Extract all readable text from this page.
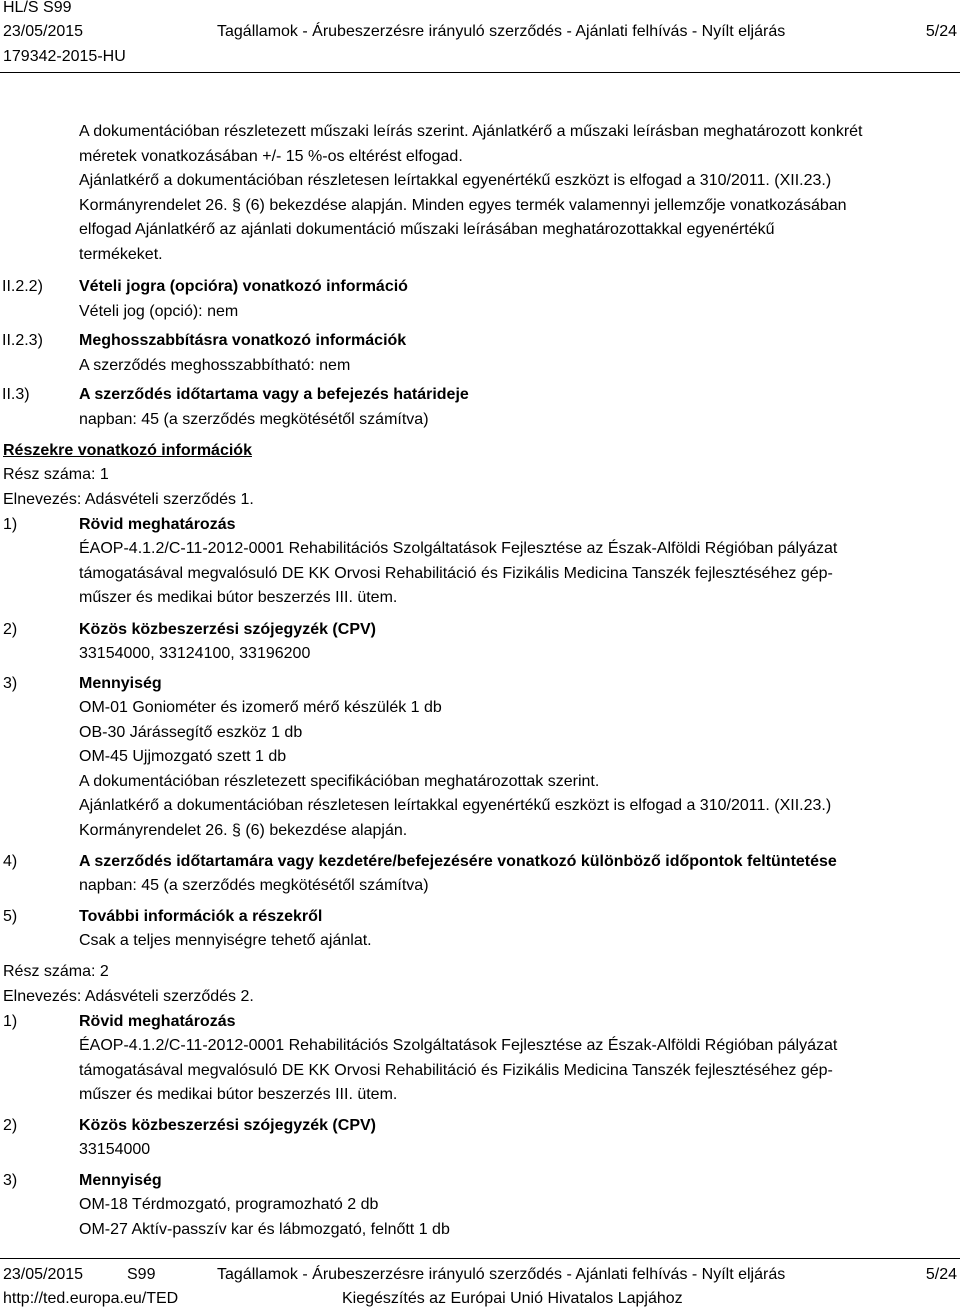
HL/S S99
23/05/2015
179342-2015-HU
Tagállamok - Árubeszerzésre irányuló szerződés - Ajánlati felhívás - Nyílt eljárás	5/24
A dokumentációban részletezett műszaki leírás szerint. Ajánlatkérő a műszaki leírásban meghatározott konkrét
méretek vonatkozásában +/- 15 %-os eltérést elfogad.
Ajánlatkérő a dokumentációban részletesen leírtakkal egyenértékű eszközt is elfogad a 310/2011. (XII.23.)
Kormányrendelet 26. § (6) bekezdése alapján. Minden egyes termék valamennyi jellemzője vonatkozásában
elfogad Ajánlatkérő az ajánlati dokumentáció műszaki leírásában meghatározottakkal egyenértékű
termékeket.
II.2.2) Vételi jogra (opcióra) vonatkozó információ
Vételi jog (opció): nem
II.2.3) Meghosszabbításra vonatkozó információk
A szerződés meghosszabbítható: nem
II.3)	A szerződés időtartama vagy a befejezés határideje
napban: 45 (a szerződés megkötésétől számítva)
Részekre vonatkozó információk
Rész száma: 1
Elnevezés: Adásvételi szerződés 1.
1)	Rövid meghatározás
ÉAOP-4.1.2/C-11-2012-0001 Rehabilitációs Szolgáltatások Fejlesztése az Észak-Alföldi Régióban pályázat
támogatásával megvalósuló DE KK Orvosi Rehabilitáció és Fizikális Medicina Tanszék fejlesztéséhez gép-
műszer és medikai bútor beszerzés III. ütem.
2)	Közös közbeszerzési szójegyzék (CPV)
33154000, 33124100, 33196200
3)	Mennyiség
OM-01 Goniométer és izomerő mérő készülék 1 db
OB-30 Járássegítő eszköz 1 db
OM-45 Ujjmozgató szett 1 db
A dokumentációban részletezett specifikációban meghatározottak szerint.
Ajánlatkérő a dokumentációban részletesen leírtakkal egyenértékű eszközt is elfogad a 310/2011. (XII.23.)
Kormányrendelet 26. § (6) bekezdése alapján.
4)	A szerződés időtartamára vagy kezdetére/befejezésére vonatkozó különböző időpontok feltüntetése
napban: 45 (a szerződés megkötésétől számítva)
5)	További információk a részekről
Csak a teljes mennyiségre tehető ajánlat.
Rész száma: 2
Elnevezés: Adásvételi szerződés 2.
1)	Rövid meghatározás
ÉAOP-4.1.2/C-11-2012-0001 Rehabilitációs Szolgáltatások Fejlesztése az Észak-Alföldi Régióban pályázat
támogatásával megvalósuló DE KK Orvosi Rehabilitáció és Fizikális Medicina Tanszék fejlesztéséhez gép-
műszer és medikai bútor beszerzés III. ütem.
2)	Közös közbeszerzési szójegyzék (CPV)
33154000
3)	Mennyiség
OM-18 Térdmozgató, programozható 2 db
OM-27 Aktív-passzív kar és lábmozgató, felnőtt 1 db
23/05/2015	S99
http://ted.europa.eu/TED
Tagállamok - Árubeszerzésre irányuló szerződés - Ajánlati felhívás - Nyílt eljárás
Kiegészítés az Európai Unió Hivatalos Lapjához
5/24
